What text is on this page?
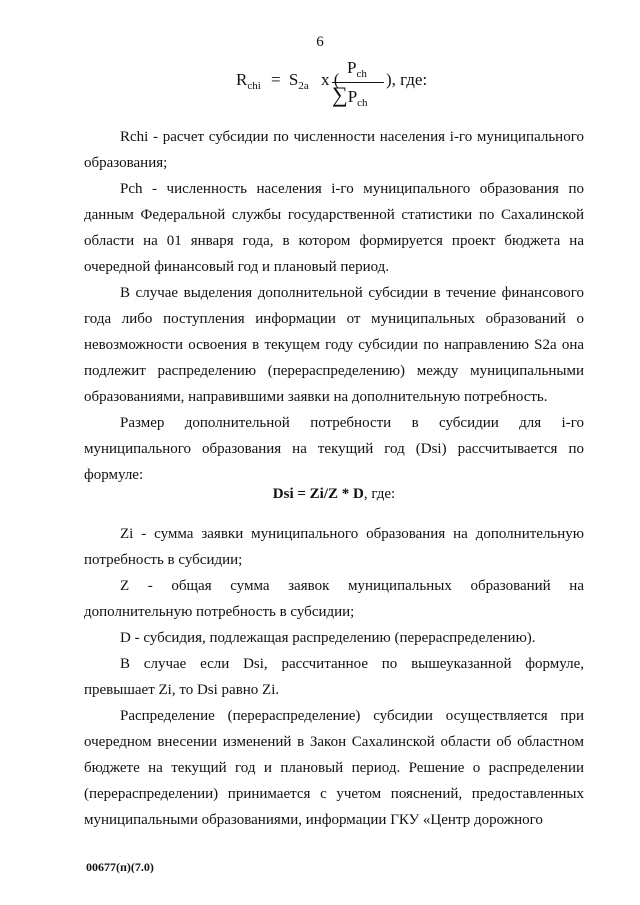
6
$R_{chi} = S_{2a}$ x (
$P_{ch}$
$\sum P_{ch}$
), где:

Rchi - расчет субсидии по численности населения i-го муниципального образования;

Pch - численность населения i-го муниципального образования по данным Федеральной службы государственной статистики по Сахалинской области на 01 января года, в котором формируется проект бюджета на очередной финансовый год и плановый период.

В случае выделения дополнительной субсидии в течение финансового года либо поступления информации от муниципальных образований о невозможности освоения в текущем году субсидии по направлению S2a она подлежит распределению (перераспределению) между муниципальными образованиями, направившими заявки на дополнительную потребность.

Размер дополнительной потребности в субсидии для i-го муниципального образования на текущий год (Dsi) рассчитывается по формуле:

Dsi = Zi/Z * D, где:

Zi - сумма заявки муниципального образования на дополнительную потребность в субсидии;

Z - общая сумма заявок муниципальных образований на дополнительную потребность в субсидии;

D - субсидия, подлежащая распределению (перераспределению).

В случае если Dsi, рассчитанное по вышеуказанной формуле, превышает Zi, то Dsi равно Zi.

Распределение (перераспределение) субсидии осуществляется при очередном внесении изменений в Закон Сахалинской области об областном бюджете на текущий год и плановый период. Решение о распределении (перераспределении) принимается с учетом пояснений, предоставленных муниципальными образованиями, информации ГКУ «Центр дорожного

00677(п)(7.0)
